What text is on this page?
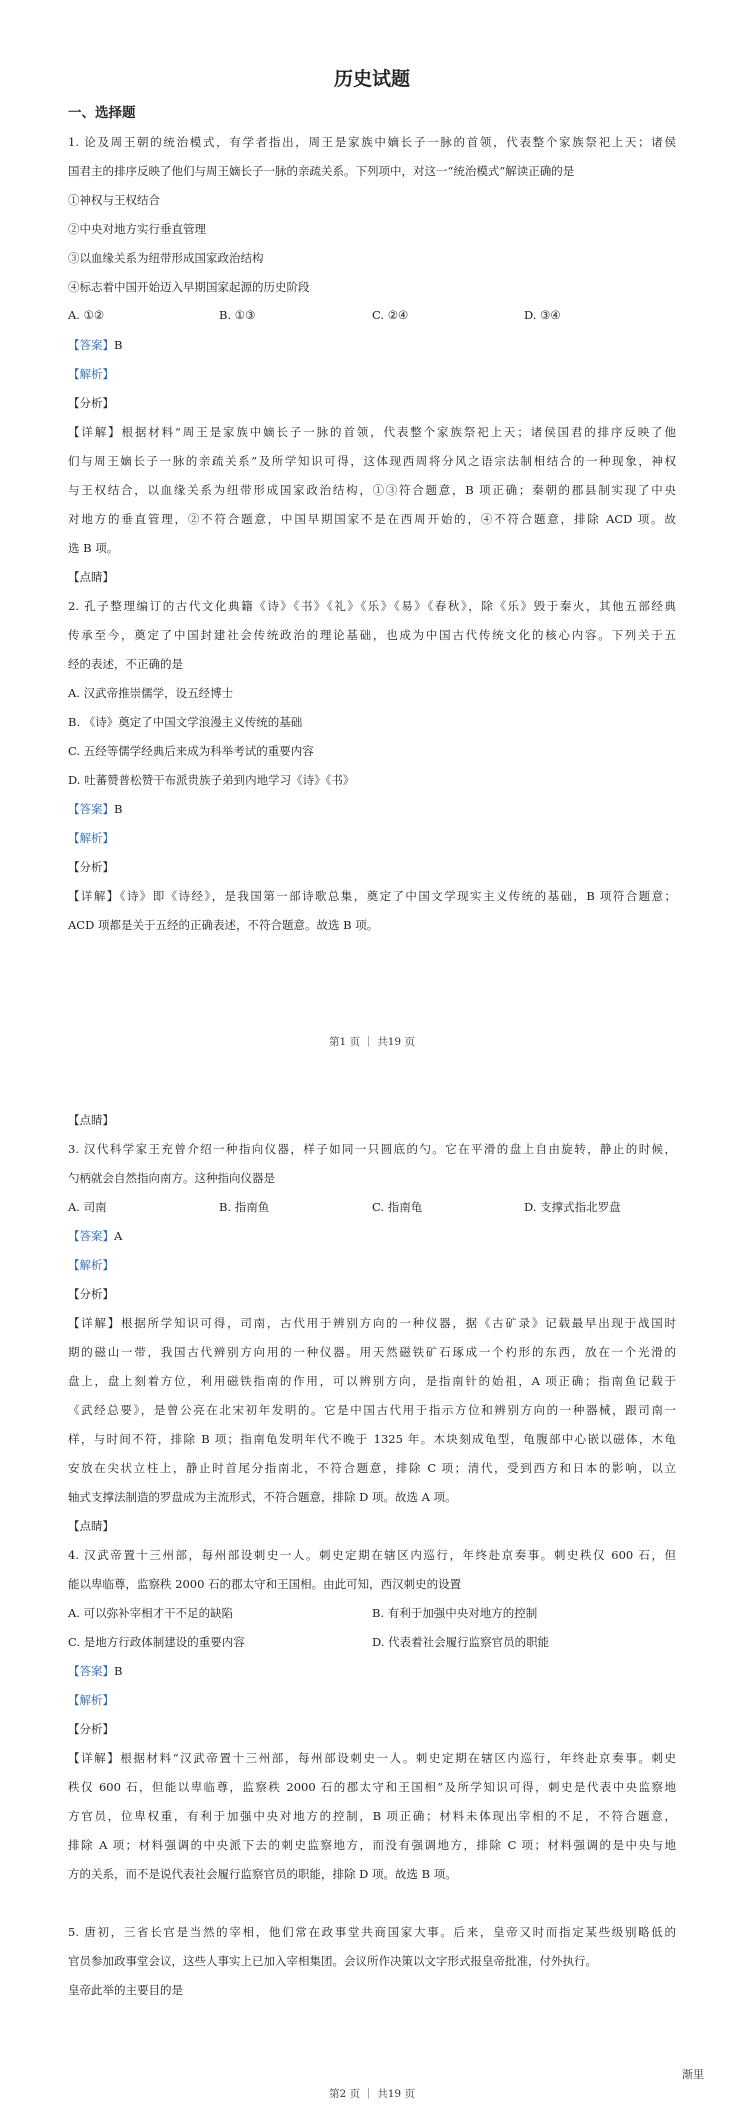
历史试题
一、选择题
1. 论及周王朝的统治模式，有学者指出，周王是家族中嫡长子一脉的首领，代表整个家族祭祀上天；诸侯
国君主的排序反映了他们与周王嫡长子一脉的亲疏关系。下列项中，对这一“统治模式”解读正确的是
①神权与王权结合
②中央对地方实行垂直管理
③以血缘关系为纽带形成国家政治结构
④标志着中国开始迈入早期国家起源的历史阶段
A. ①②	B. ①③	C. ②④	D. ③④
【答案】B
【解析】
【分析】
【详解】根据材料“周王是家族中嫡长子一脉的首领，代表整个家族祭祀上天；诸侯国君的排序反映了他
们与周王嫡长子一脉的亲疏关系”及所学知识可得，这体现西周将分风之语宗法制相结合的一种现象，神权
与王权结合，以血缘关系为纽带形成国家政治结构，①③符合题意，B 项正确；秦朝的郡县制实现了中央
对地方的垂直管理，②不符合题意，中国早期国家不是在西周开始的，④不符合题意，排除 ACD 项。故
选 B 项。
【点睛】
2. 孔子整理编订的古代文化典籍《诗》《书》《礼》《乐》《易》《春秋》，除《乐》毁于秦火，其他五部经典
传承至今，奠定了中国封建社会传统政治的理论基础，也成为中国古代传统文化的核心内容。下列关于五
经的表述，不正确的是
A. 汉武帝推崇儒学，设五经博士
B. 《诗》奠定了中国文学浪漫主义传统的基础
C. 五经等儒学经典后来成为科举考试的重要内容
D. 吐蕃赞普松赞干布派贵族子弟到内地学习《诗》《书》
【答案】B
【解析】
【分析】
【详解】《诗》即《诗经》，是我国第一部诗歌总集，奠定了中国文学现实主义传统的基础，B 项符合题意；
ACD 项都是关于五经的正确表述，不符合题意。故选 B 项。
第1 页 ｜ 共19 页
【点睛】
3. 汉代科学家王充曾介绍一种指向仪器，样子如同一只圆底的勺。它在平滑的盘上自由旋转，静止的时候，
勺柄就会自然指向南方。这种指向仪器是
A. 司南	B. 指南鱼	C. 指南龟	D. 支撑式指北罗盘
【答案】A
【解析】
【分析】
【详解】根据所学知识可得，司南，古代用于辨别方向的一种仪器，据《古矿录》记载最早出现于战国时
期的磁山一带，我国古代辨别方向用的一种仪器。用天然磁铁矿石琢成一个杓形的东西，放在一个光滑的
盘上，盘上刻着方位，利用磁铁指南的作用，可以辨别方向，是指南针的始祖，A 项正确；指南鱼记载于
《武经总要》，是曾公亮在北宋初年发明的。它是中国古代用于指示方位和辨别方向的一种器械，跟司南一
样，与时间不符，排除 B 项；指南龟发明年代不晚于 1325 年。木块刻成龟型，龟腹部中心嵌以磁体，木龟
安放在尖状立柱上，静止时首尾分指南北，不符合题意，排除 C 项；清代，受到西方和日本的影响，以立
轴式支撑法制造的罗盘成为主流形式，不符合题意，排除 D 项。故选 A 项。
【点睛】
4. 汉武帝置十三州部，每州部设刺史一人。刺史定期在辖区内巡行，年终赴京奏事。刺史秩仅 600 石，但
能以卑临尊，监察秩 2000 石的郡太守和王国相。由此可知，西汉刺史的设置
A. 可以弥补宰相才干不足的缺陷	B. 有利于加强中央对地方的控制
C. 是地方行政体制建设的重要内容	D. 代表着社会履行监察官员的职能
【答案】B
【解析】
【分析】
【详解】根据材料“汉武帝置十三州部，每州部设刺史一人。刺史定期在辖区内巡行，年终赴京奏事。刺史
秩仅 600 石，但能以卑临尊，监察秩 2000 石的郡太守和王国相”及所学知识可得，刺史是代表中央监察地
方官员，位卑权重，有利于加强中央对地方的控制，B 项正确；材料未体现出宰相的不足，不符合题意，
排除 A 项；材料强调的中央派下去的刺史监察地方，而没有强调地方，排除 C 项；材料强调的是中央与地
方的关系，而不是说代表社会履行监察官员的职能，排除 D 项。故选 B 项。
5. 唐初，三省长官是当然的宰相，他们常在政事堂共商国家大事。后来，皇帝又时而指定某些级别略低的
官员参加政事堂会议，这些人事实上已加入宰相集团。会议所作决策以文字形式报皇帝批准，付外执行。
皇帝此举的主要目的是
渐里
第2 页 ｜ 共19 页
